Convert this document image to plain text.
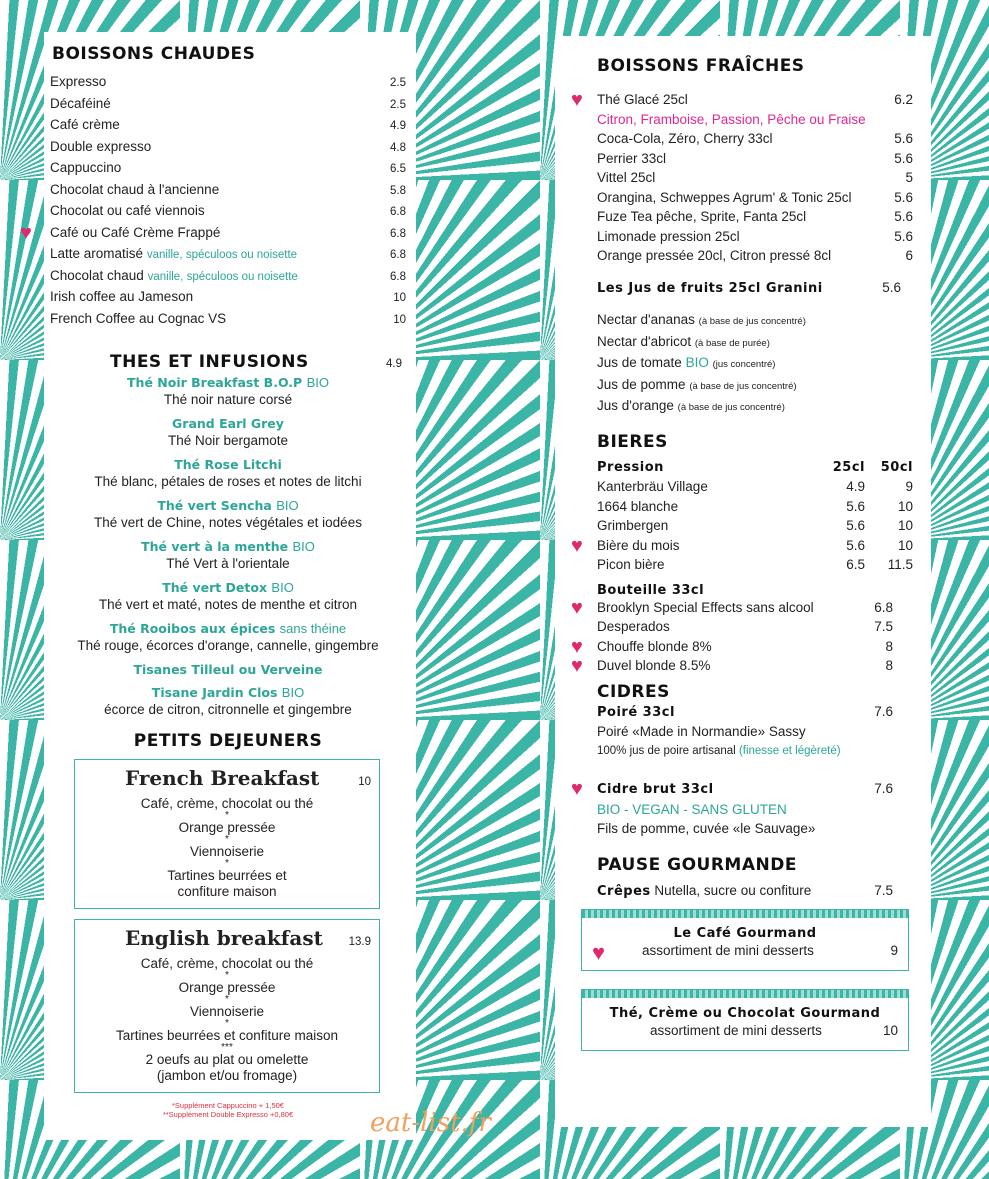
BOISSONS CHAUDES
Expresso	2.5
Décaféiné	2.5
Café crème	4.9
Double expresso	4.8
Cappuccino	6.5
Chocolat chaud à l'ancienne	5.8
Chocolat ou café viennois	6.8
♥	Café ou Café Crème Frappé	6.8
Latte aromatisé vanille, spéculoos ou noisette	6.8
Chocolat chaud vanille, spéculoos ou noisette	6.8
Irish coffee au Jameson	10
French Coffee au Cognac VS	10
THES ET INFUSIONS	4.9
Thé Noir Breakfast B.O.P BIO
Thé noir nature corsé
Grand Earl Grey
Thé Noir bergamote
Thé Rose Litchi
Thé blanc, pétales de roses et notes de litchi
Thé vert Sencha BIO
Thé vert de Chine, notes végétales et iodées
Thé vert à la menthe BIO
Thé Vert à l'orientale
Thé vert Detox BIO
Thé vert et maté, notes de menthe et citron
Thé Rooibos aux épices sans théine
Thé rouge, écorces d'orange, cannelle, gingembre
Tisanes Tilleul ou Verveine
Tisane Jardin Clos BIO
écorce de citron, citronnelle et gingembre
PETITS DEJEUNERS
French Breakfast	10
Café, crème, chocolat ou thé
*
Orange pressée
*
Viennoiserie
*
Tartines beurrées et
confiture maison
English breakfast 13.9
Café, crème, chocolat ou thé
*
Orange pressée
*
Viennoiserie
*
Tartines beurrées et confiture maison
***
2 oeufs au plat ou omelette
(jambon et/ou fromage)
*Supplément Cappuccino + 1,50€
**Supplément Double Expresso +0,80€	eat-list.fr
BOISSONS FRAÎCHES
♥	Thé Glacé 25cl	6.2
Citron, Framboise, Passion, Pêche ou Fraise
Coca-Cola, Zéro, Cherry 33cl	5.6
Perrier 33cl	5.6
Vittel 25cl	5
Orangina, Schweppes Agrum' & Tonic 25cl	5.6
Fuze Tea pêche, Sprite, Fanta 25cl	5.6
Limonade pression 25cl	5.6
Orange pressée 20cl, Citron pressé 8cl	6
Les Jus de fruits 25cl Granini	5.6
Nectar d'ananas (à base de jus concentré)
Nectar d'abricot (à base de purée)
Jus de tomate BIO (jus concentré)
Jus de pomme (à base de jus concentré)
Jus d'orange (à base de jus concentré)
BIERES
Pression	25cl 50cl
Kanterbräu Village	4.9	9
1664 blanche	5.6	10
Grimbergen	5.6	10
♥	Bière du mois	5.6	10
Picon bière	6.5	11.5
Bouteille 33cl
♥	Brooklyn Special Effects sans alcool	6.8
Desperados	7.5
♥	Chouffe blonde 8%	8
♥	Duvel blonde 8.5%	8
CIDRES
Poiré 33cl	7.6
Poiré «Made in Normandie» Sassy
100% jus de poire artisanal (finesse et légèreté)
♥	Cidre brut 33cl	7.6
BIO - VEGAN - SANS GLUTEN
Fils de pomme, cuvée «le Sauvage»
PAUSE GOURMANDE
Crêpes Nutella, sucre ou confiture	7.5
♥
Le Café Gourmand
assortiment de mini desserts	9
Thé, Crème ou Chocolat Gourmand
assortiment de mini desserts	10
